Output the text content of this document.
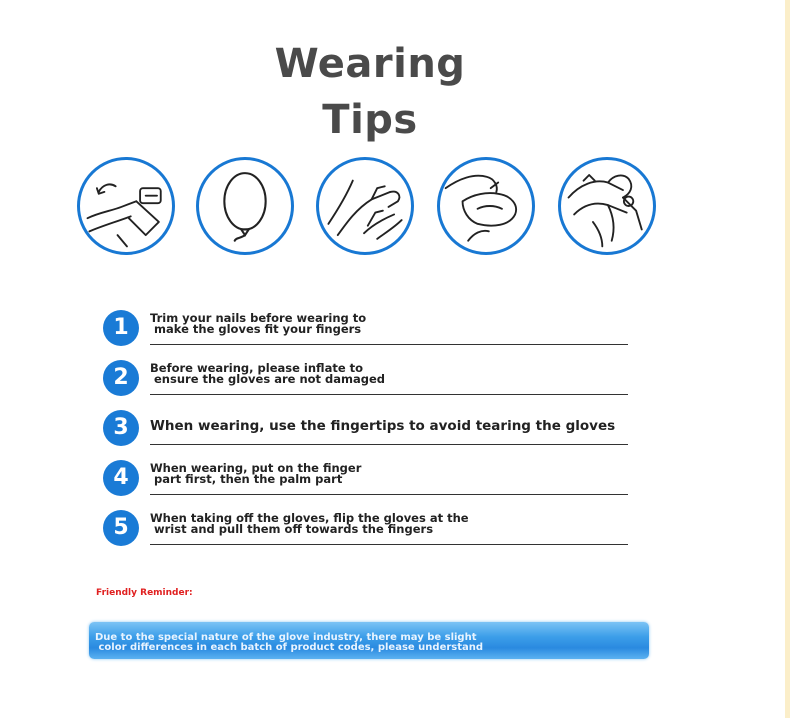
Wearing Tips
1	Trim your nails before wearing to
make the gloves fit your fingers
2	Before wearing, please inflate to
ensure the gloves are not damaged
3	When wearing, use the fingertips to avoid tearing the gloves
4	When wearing, put on the finger
part first, then the palm part
5	When taking off the gloves, flip the gloves at the
wrist and pull them off towards the fingers
Friendly Reminder:
Due to the special nature of the glove industry, there may be slight
color differences in each batch of product codes, please understand
